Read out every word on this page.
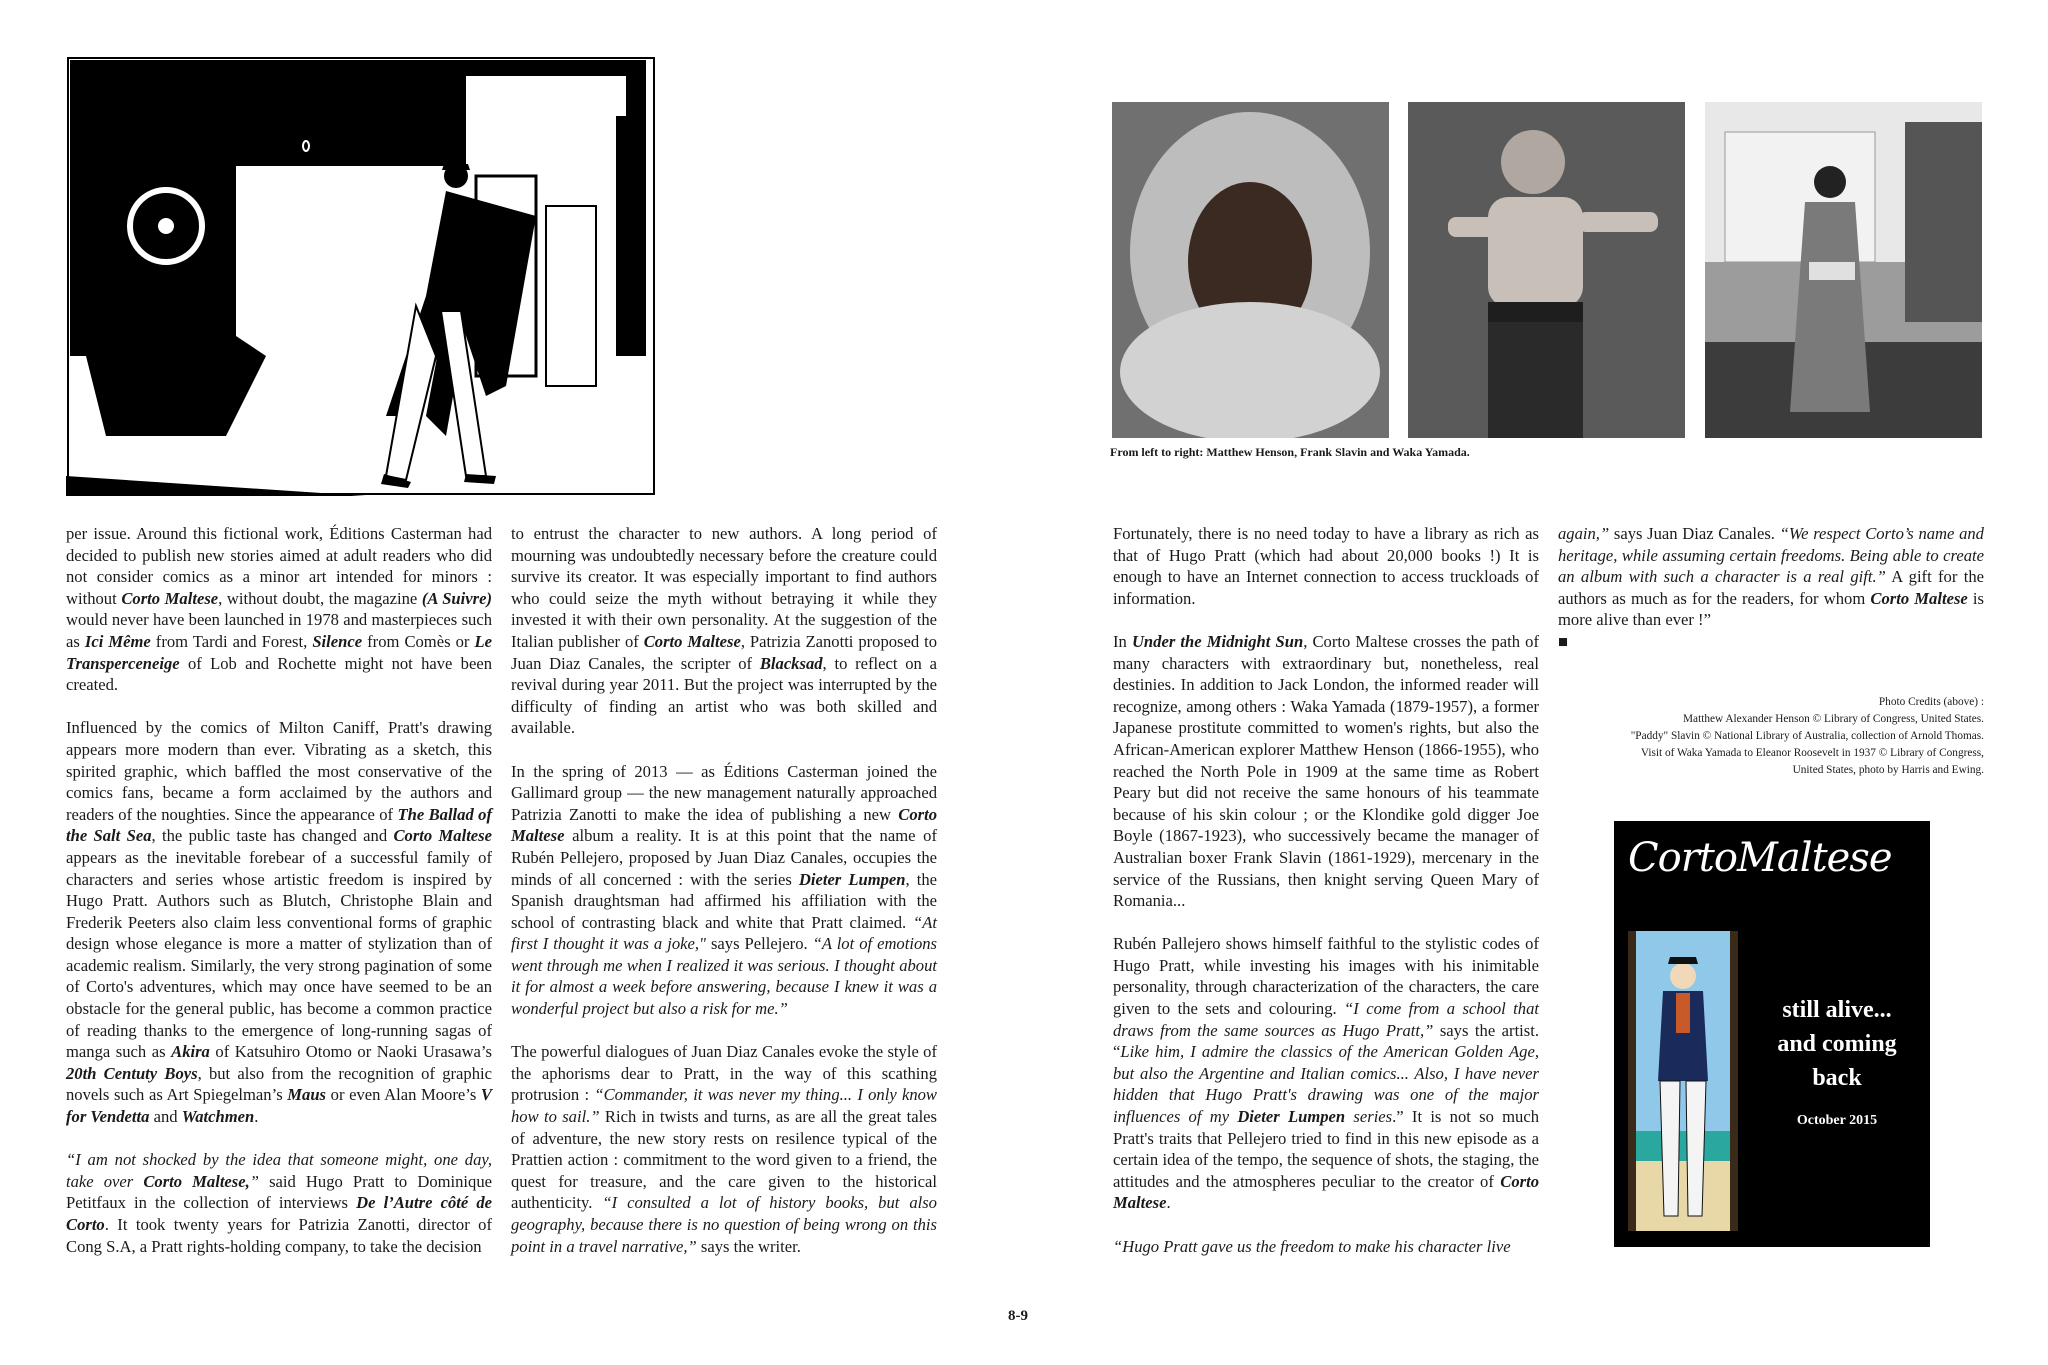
From left to right: Matthew Henson, Frank Slavin and Waka Yamada.

per issue. Around this fictional work, Éditions Casterman had decided to publish new stories aimed at adult readers who did not consider comics as a minor art intended for minors : without Corto Maltese, without doubt, the magazine (A Suivre) would never have been launched in 1978 and masterpieces such as Ici Même from Tardi and Forest, Silence from Comès or Le Transperceneige of Lob and Rochette might not have been created.

Influenced by the comics of Milton Caniff, Pratt's drawing appears more modern than ever. Vibrating as a sketch, this spirited graphic, which baffled the most conservative of the comics fans, became a form acclaimed by the authors and readers of the noughties. Since the appearance of The Ballad of the Salt Sea, the public taste has changed and Corto Maltese appears as the inevitable forebear of a successful family of characters and series whose artistic freedom is inspired by Hugo Pratt. Authors such as Blutch, Christophe Blain and Frederik Peeters also claim less conventional forms of graphic design whose elegance is more a matter of stylization than of academic realism. Similarly, the very strong pagination of some of Corto's adventures, which may once have seemed to be an obstacle for the general public, has become a common practice of reading thanks to the emergence of long-running sagas of manga such as Akira of Katsuhiro Otomo or Naoki Urasawa’s 20th Centuty Boys, but also from the recognition of graphic novels such as Art Spiegelman’s Maus or even Alan Moore’s V for Vendetta and Watchmen.

“I am not shocked by the idea that someone might, one day, take over Corto Maltese,” said Hugo Pratt to Dominique Petitfaux in the collection of interviews De l’Autre côté de Corto. It took twenty years for Patrizia Zanotti, director of Cong S.A, a Pratt rights-holding company, to take the decision

to entrust the character to new authors. A long period of mourning was undoubtedly necessary before the creature could survive its creator. It was especially important to find authors who could seize the myth without betraying it while they invested it with their own personality. At the suggestion of the Italian publisher of Corto Maltese, Patrizia Zanotti proposed to Juan Diaz Canales, the scripter of Blacksad, to reflect on a revival during year 2011. But the project was interrupted by the difficulty of finding an artist who was both skilled and available.

In the spring of 2013 — as Éditions Casterman joined the Gallimard group — the new management naturally approached Patrizia Zanotti to make the idea of publishing a new Corto Maltese album a reality. It is at this point that the name of Rubén Pellejero, proposed by Juan Diaz Canales, occupies the minds of all concerned : with the series Dieter Lumpen, the Spanish draughtsman had affirmed his affiliation with the school of contrasting black and white that Pratt claimed. “At first I thought it was a joke," says Pellejero. “A lot of emotions went through me when I realized it was serious. I thought about it for almost a week before answering, because I knew it was a wonderful project but also a risk for me.”

The powerful dialogues of Juan Diaz Canales evoke the style of the aphorisms dear to Pratt, in the way of this scathing protrusion : “Commander, it was never my thing... I only know how to sail.” Rich in twists and turns, as are all the great tales of adventure, the new story rests on resilence typical of the Prattien action : commitment to the word given to a friend, the quest for treasure, and the care given to the historical authenticity. “I consulted a lot of history books, but also geography, because there is no question of being wrong on this point in a travel narrative,” says the writer.

Fortunately, there is no need today to have a library as rich as that of Hugo Pratt (which had about 20,000 books !) It is enough to have an Internet connection to access truckloads of information.

In Under the Midnight Sun, Corto Maltese crosses the path of many characters with extraordinary but, nonetheless, real destinies. In addition to Jack London, the informed reader will recognize, among others : Waka Yamada (1879-1957), a former Japanese prostitute committed to women's rights, but also the African-American explorer Matthew Henson (1866-1955), who reached the North Pole in 1909 at the same time as Robert Peary but did not receive the same honours of his teammate because of his skin colour ; or the Klondike gold digger Joe Boyle (1867-1923), who successively became the manager of Australian boxer Frank Slavin (1861-1929), mercenary in the service of the Russians, then knight serving Queen Mary of Romania...

Rubén Pallejero shows himself faithful to the stylistic codes of Hugo Pratt, while investing his images with his inimitable personality, through characterization of the characters, the care given to the sets and colouring. “I come from a school that draws from the same sources as Hugo Pratt,” says the artist. “Like him, I admire the classics of the American Golden Age, but also the Argentine and Italian comics... Also, I have never hidden that Hugo Pratt's drawing was one of the major influences of my Dieter Lumpen series.” It is not so much Pratt's traits that Pellejero tried to find in this new episode as a certain idea of the tempo, the sequence of shots, the staging, the attitudes and the atmospheres peculiar to the creator of Corto Maltese.

“Hugo Pratt gave us the freedom to make his character live

again,” says Juan Diaz Canales. “We respect Corto’s name and heritage, while assuming certain freedoms. Being able to create an album with such a character is a real gift.” A gift for the authors as much as for the readers, for whom Corto Maltese is more alive than ever !”
■

Photo Credits (above) :
Matthew Alexander Henson © Library of Congress, United States.
"Paddy" Slavin © National Library of Australia, collection of Arnold Thomas.
Visit of Waka Yamada to Eleanor Roosevelt in 1937 © Library of Congress,
United States, photo by Harris and Ewing.
CortoMaltese
still alive...
and coming
back
October 2015
8-9
